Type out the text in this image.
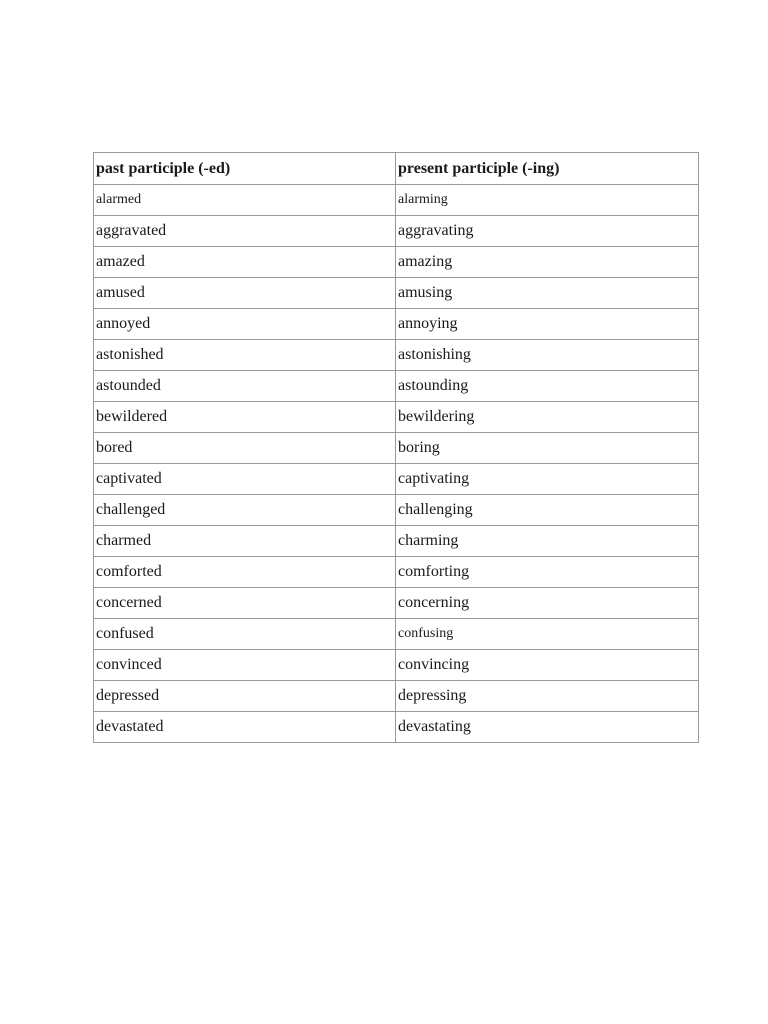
past participle (-ed)	present participle (-ing)
alarmed	alarming
aggravated	aggravating
amazed	amazing
amused	amusing
annoyed	annoying
astonished	astonishing
astounded	astounding
bewildered	bewildering
bored	boring
captivated	captivating
challenged	challenging
charmed	charming
comforted	comforting
concerned	concerning
confused	confusing
convinced	convincing
depressed	depressing
devastated	devastating
